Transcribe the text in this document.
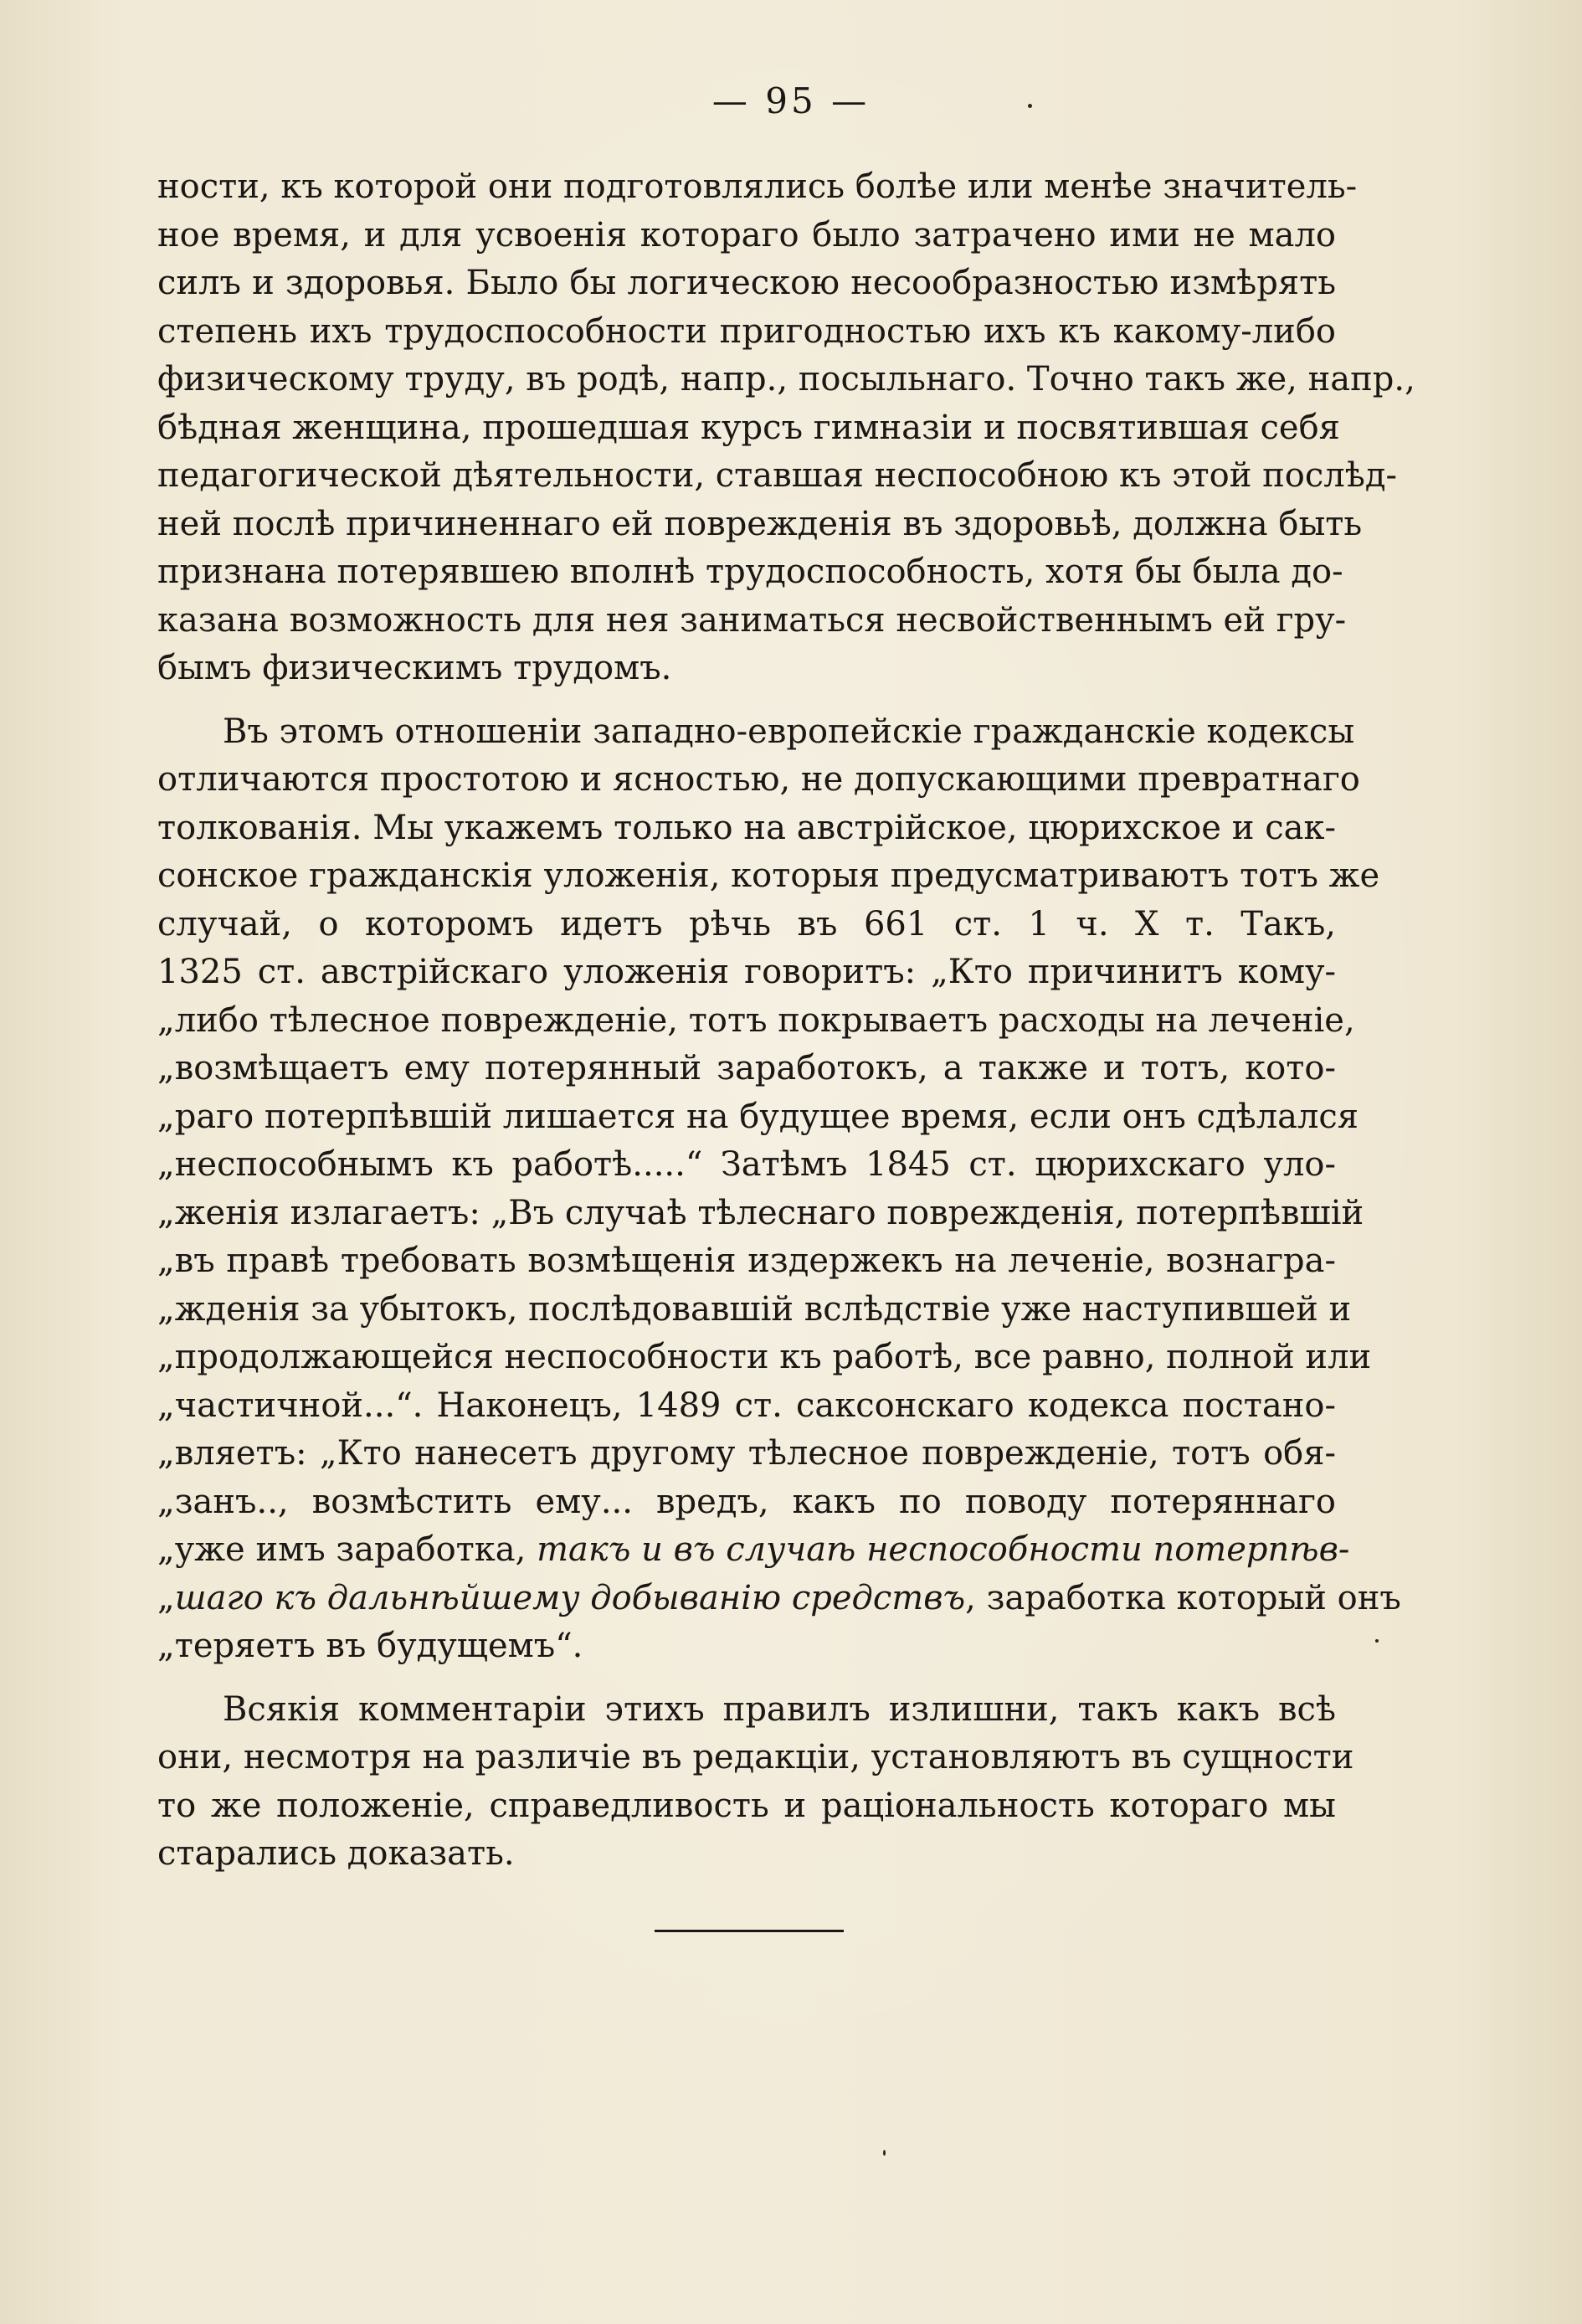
— 95 —
ности, къ которой они подготовлялись болѣе или менѣе значитель-
ное время, и для усвоенія котораго было затрачено ими не мало
силъ и здоровья. Было бы логическою несообразностью измѣрять
степень ихъ трудоспособности пригодностью ихъ къ какому-либо
физическому труду, въ родѣ, напр., посыльнаго. Точно такъ же, напр.,
бѣдная женщина, прошедшая курсъ гимназіи и посвятившая себя
педагогической дѣятельности, ставшая неспособною къ этой послѣд-
ней послѣ причиненнаго ей поврежденія въ здоровьѣ, должна быть
признана потерявшею вполнѣ трудоспособность, хотя бы была до-
казана возможность для нея заниматься несвойственнымъ ей гру-
бымъ физическимъ трудомъ.
Въ этомъ отношеніи западно-европейскіе гражданскіе кодексы
отличаются простотою и ясностью, не допускающими превратнаго
толкованія. Мы укажемъ только на австрійское, цюрихское и сак-
сонское гражданскія уложенія, которыя предусматриваютъ тотъ же
случай, о которомъ идетъ рѣчь въ 661 ст. 1 ч. X т. Такъ,
1325 ст. австрійскаго уложенія говоритъ: „Кто причинитъ кому-
„либо тѣлесное поврежденіе, тотъ покрываетъ расходы на леченіе,
„возмѣщаетъ ему потерянный заработокъ, а также и тотъ, кото-
„раго потерпѣвшій лишается на будущее время, если онъ сдѣлался
„неспособнымъ къ работѣ.....“ Затѣмъ 1845 ст. цюрихскаго уло-
„женія излагаетъ: „Въ случаѣ тѣлеснаго поврежденія, потерпѣвшій
„въ правѣ требовать возмѣщенія издержекъ на леченіе, вознагра-
„жденія за убытокъ, послѣдовавшій вслѣдствіе уже наступившей и
„продолжающейся неспособности къ работѣ, все равно, полной или
„частичной...“. Наконецъ, 1489 ст. саксонскаго кодекса постано-
„вляетъ: „Кто нанесетъ другому тѣлесное поврежденіе, тотъ обя-
„занъ.., возмѣстить ему... вредъ, какъ по поводу потеряннаго
„уже имъ заработка, такъ и въ случаѣ неспособности потерпѣв-
„шаго къ дальнѣйшему добыванію средствъ, заработка который онъ
„теряетъ въ будущемъ“.
Всякія комментаріи этихъ правилъ излишни, такъ какъ всѣ
они, несмотря на различіе въ редакціи, установляютъ въ сущности
то же положеніе, справедливость и раціональность котораго мы
старались доказать.
